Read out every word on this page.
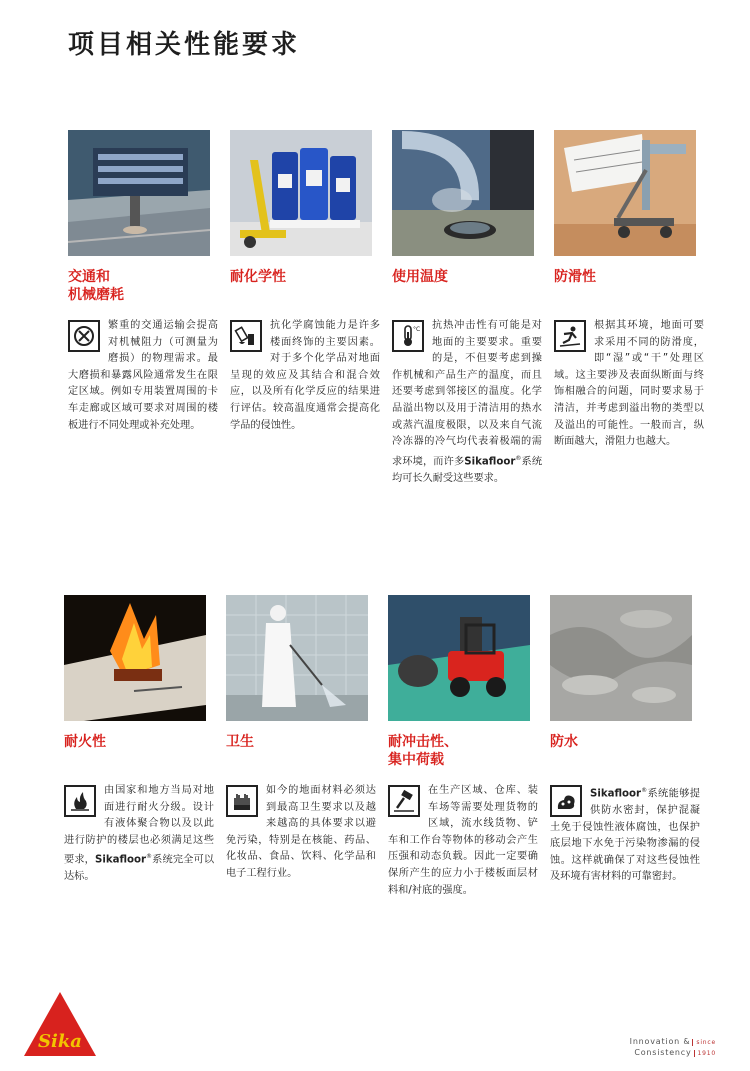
项目相关性能要求
交通和
机械磨耗
繁重的交通运输会提高对机械阻力（可测量为磨损）的物理需求。最大磨损和暴露风险通常发生在限定区域。例如专用装置周围的卡车走廊或区域可要求对周围的楼板进行不同处理或补充处理。
耐化学性
抗化学腐蚀能力是许多楼面终饰的主要因素。对于多个化学品对地面呈现的效应及其结合和混合效应，以及所有化学反应的结果进行评估。较高温度通常会提高化学品的侵蚀性。
使用温度
°C 抗热冲击性有可能是对地面的主要要求。重要的是，不但要考虑到操作机械和产品生产的温度，而且还要考虑到邻接区的温度。化学品溢出物以及用于清洁用的热水或蒸汽温度极限，以及来自气流冷冻器的冷气均代表着极端的需求环境，而许多Sikafloor®系统均可长久耐受这些要求。
防滑性
根据其环境，地面可要求采用不同的防滑度，即“湿”或“干”处理区域。这主要涉及表面纵断面与终饰相融合的问题，同时要求易于清洁，并考虑到溢出物的类型以及溢出的可能性。一般而言，纵断面越大，滑阻力也越大。
耐火性
由国家和地方当局对地面进行耐火分级。设计有液体聚合物以及以此进行防护的楼层也必须满足这些要求，Sikafloor®系统完全可以达标。
卫生
如今的地面材料必须达到最高卫生要求以及越来越高的具体要求以避免污染，特别是在核能、药品、化妆品、食品、饮料、化学品和电子工程行业。
耐冲击性、
集中荷载
在生产区域、仓库、装车场等需要处理货物的区域，流水线货物、铲车和工作台等物体的移动会产生压强和动态负载。因此一定要确保所产生的应力小于楼板面层材料和/衬底的强度。
防水
Sikafloor®系统能够提供防水密封，保护混凝土免于侵蚀性液体腐蚀，也保护底层地下水免于污染物渗漏的侵蚀。这样就确保了对这些侵蚀性及环境有害材料的可靠密封。
Sika	Innovation & since
Consistency 1910
